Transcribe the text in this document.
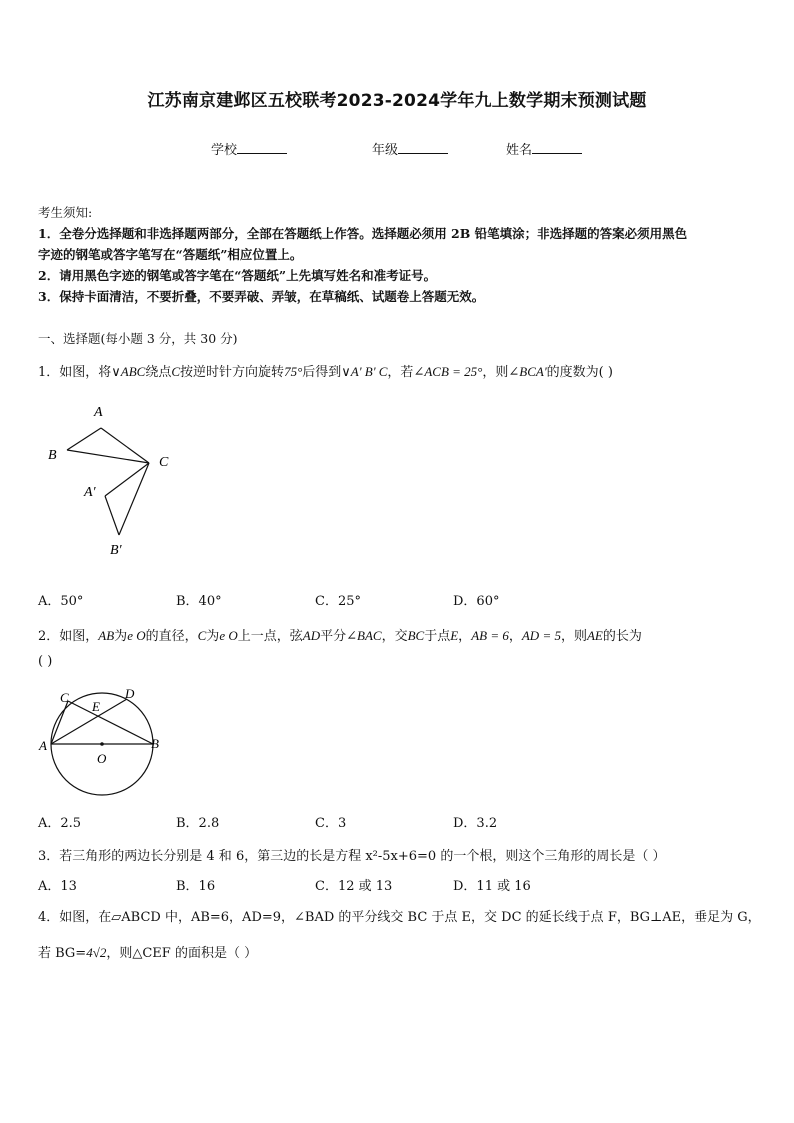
江苏南京建邺区五校联考2023-2024学年九上数学期末预测试题
学校	年级	姓名
考生须知:
1．全卷分选择题和非选择题两部分，全部在答题纸上作答。选择题必须用 2B 铅笔填涂；非选择题的答案必须用黑色
字迹的钢笔或答字笔写在“答题纸”相应位置上。
2．请用黑色字迹的钢笔或答字笔在“答题纸”上先填写姓名和准考证号。
3．保持卡面清洁，不要折叠，不要弄破、弄皱，在草稿纸、试题卷上答题无效。
一、选择题(每小题 3 分，共 30 分)
1．如图，将∨ABC绕点C按逆时针方向旋转75°后得到∨A' B' C，若∠ACB = 25°，则∠BCA'的度数为( )
A
B	C
A′
B′
A．50°	B．40°	C．25°	D．60°
2．如图，AB为e O的直径，C为e O上一点，弦AD平分∠BAC，交BC于点E，AB = 6，AD = 5，则AE的长为
( )
C	D
E
A	B
O
A．2.5	B．2.8	C．3	D．3.2
3．若三角形的两边长分别是 4 和 6，第三边的长是方程 x²-5x+6=0 的一个根，则这个三角形的周长是（ ）
A．13	B．16	C．12 或 13	D．11 或 16
4．如图，在▱ABCD 中，AB=6，AD=9，∠BAD 的平分线交 BC 于点 E，交 DC 的延长线于点 F，BG⊥AE，垂足为 G，
若 BG=4√2，则△CEF 的面积是（ ）
